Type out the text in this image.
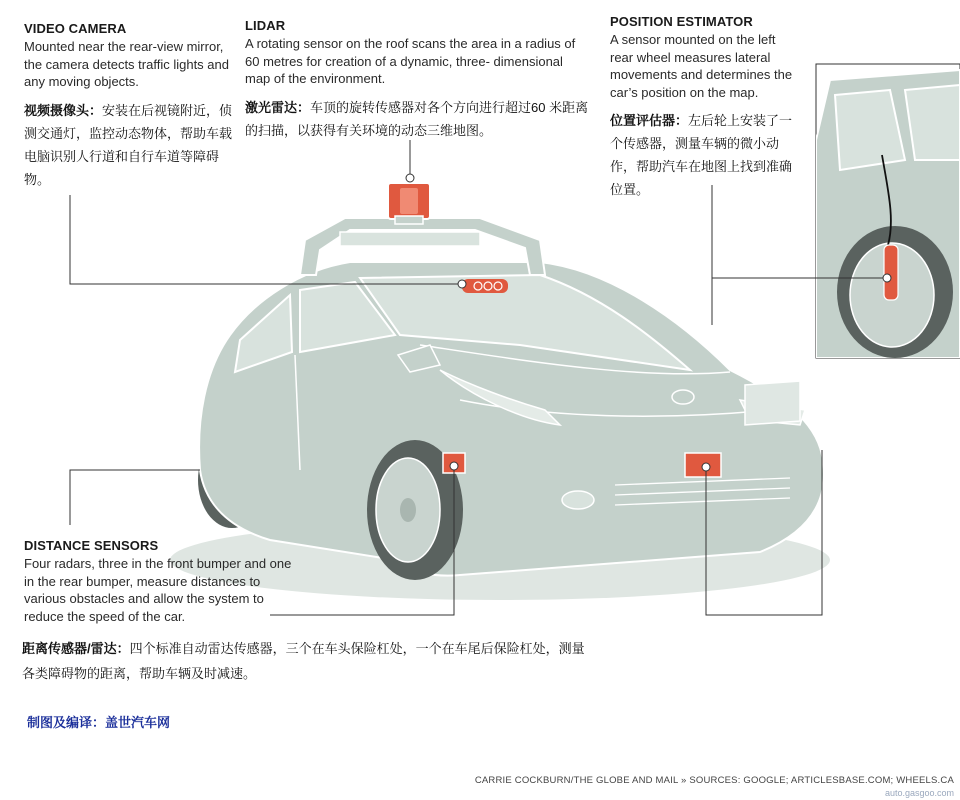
VIDEO CAMERA

Mounted near the rear-view mirror, the camera detects traffic lights and any moving objects.

视频摄像头：安装在后视镜附近，侦测交通灯，监控动态物体，帮助车载电脑识别人行道和自行车道等障碍物。

LIDAR

A rotating sensor on the roof scans the area in a radius of 60 metres for creation of a dynamic, three- dimensional map of the environment.

激光雷达：车顶的旋转传感器对各个方向进行超过60 米距离的扫描，以获得有关环境的动态三维地图。

POSITION ESTIMATOR

A sensor mounted on the left rear wheel measures lateral movements and determines the car’s position on the map.

位置评估器：左后轮上安装了一个传感器，测量车辆的微小动作，帮助汽车在地图上找到准确位置。

DISTANCE SENSORS

Four radars, three in the front bumper and one in the rear bumper, measure distances to various obstacles and allow the system to reduce the speed of the car.

距离传感器/雷达：四个标准自动雷达传感器，三个在车头保险杠处，一个在车尾后保险杠处，测量各类障碍物的距离，帮助车辆及时减速。
制图及编译：盖世汽车网
CARRIE COCKBURN/THE GLOBE AND MAIL » SOURCES: GOOGLE; ARTICLESBASE.COM; WHEELS.CA
auto.gasgoo.com
